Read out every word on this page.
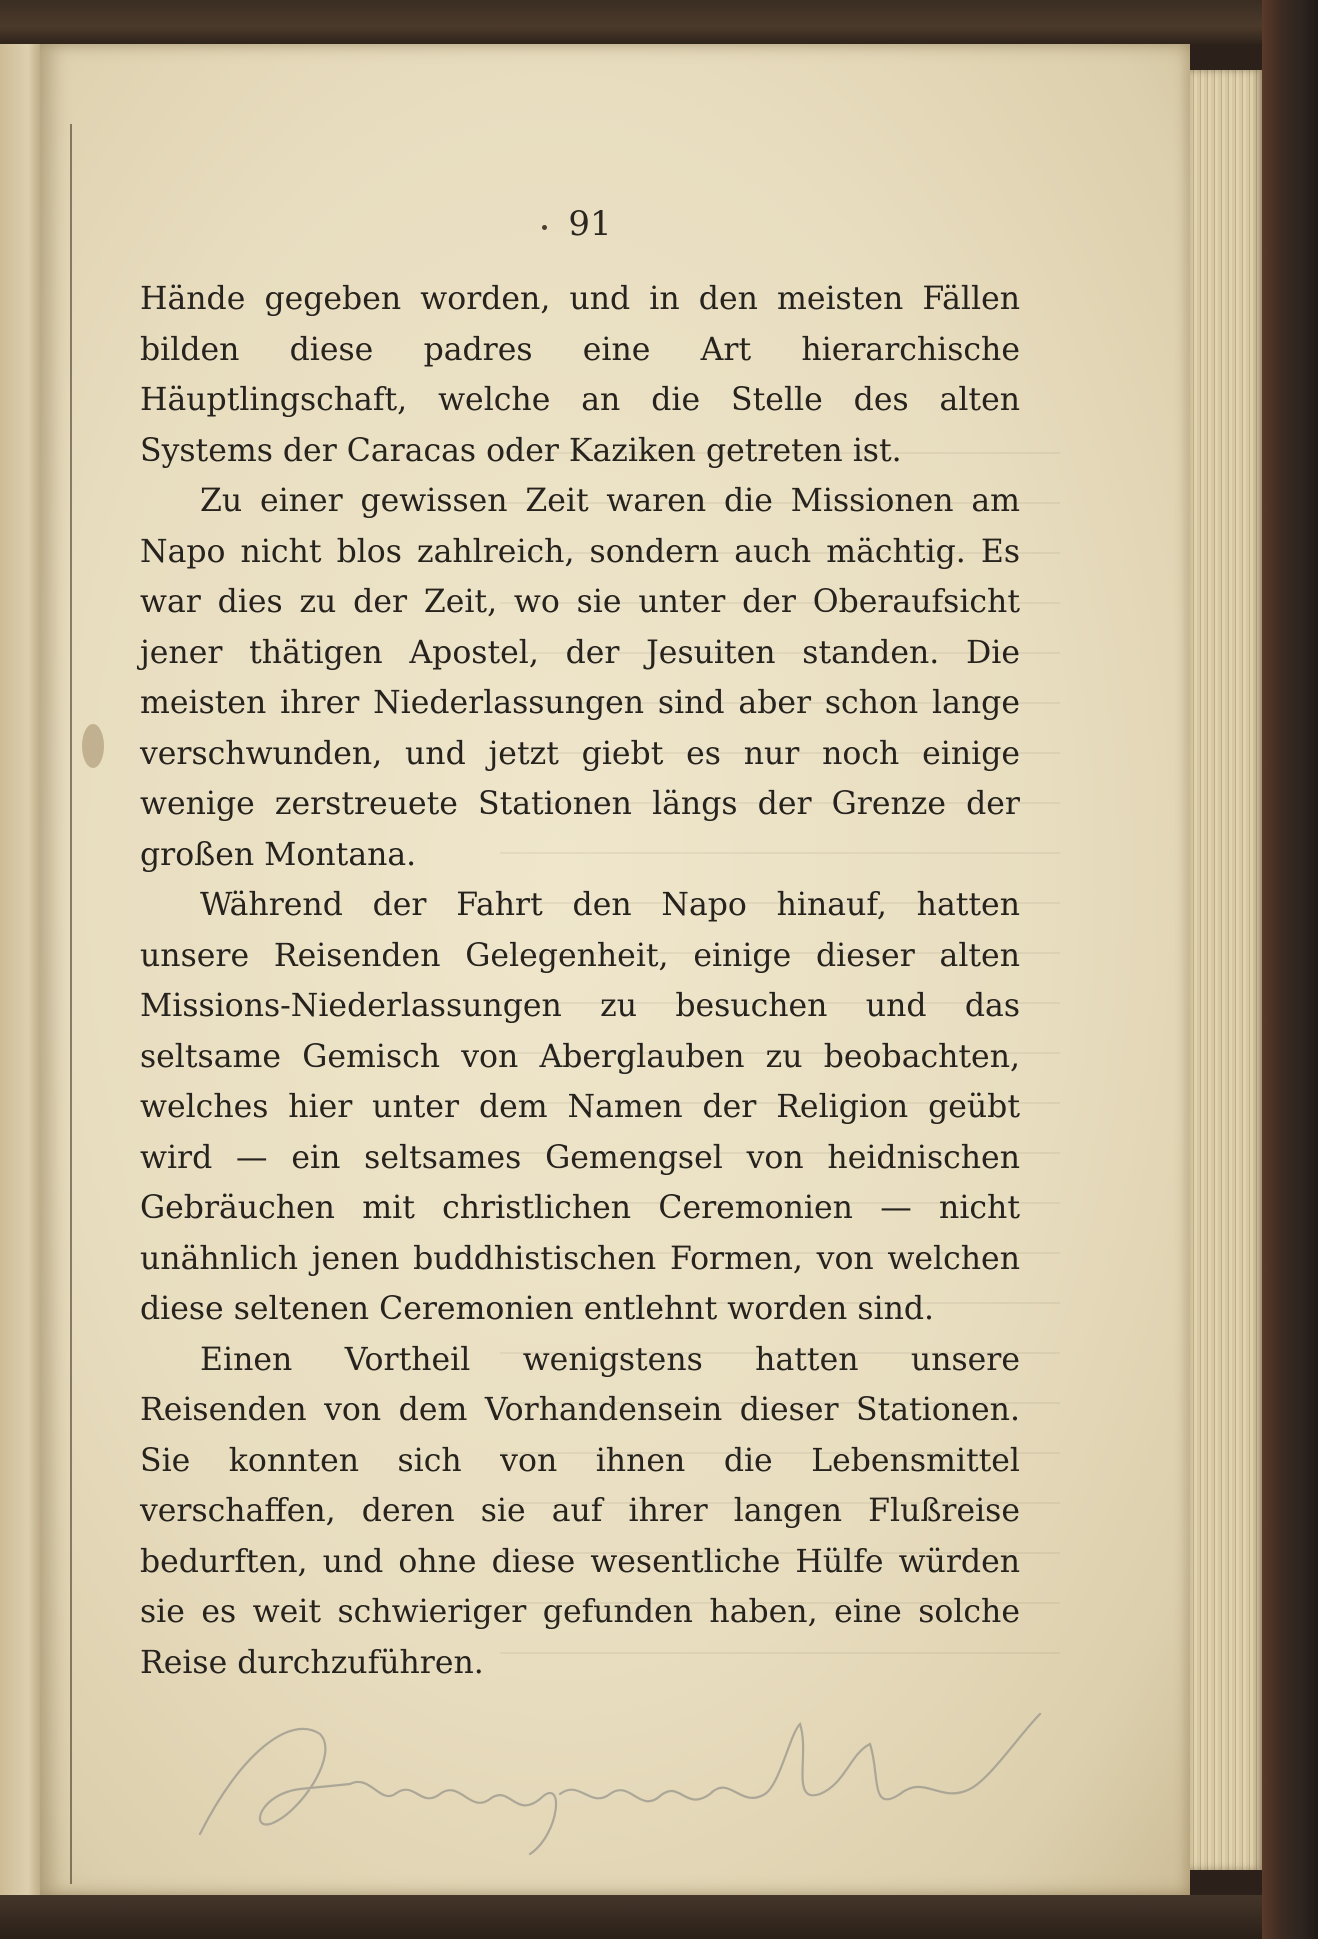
91

Hände gegeben worden, und in den meisten Fällen bilden diese padres eine Art hierarchische Häuptlingschaft, welche an die Stelle des alten Systems der Caracas oder Kaziken getreten ist.

Zu einer gewissen Zeit waren die Missionen am Napo nicht blos zahlreich, sondern auch mächtig. Es war dies zu der Zeit, wo sie unter der Oberaufsicht jener thätigen Apostel, der Jesuiten standen. Die meisten ihrer Niederlassungen sind aber schon lange verschwunden, und jetzt giebt es nur noch einige wenige zerstreuete Stationen längs der Grenze der großen Montana.

Während der Fahrt den Napo hinauf, hatten unsere Reisenden Gelegenheit, einige dieser alten Missions-Niederlassungen zu besuchen und das seltsame Gemisch von Aberglauben zu beobachten, welches hier unter dem Namen der Religion geübt wird — ein seltsames Gemengsel von heidnischen Gebräuchen mit christlichen Ceremonien — nicht unähnlich jenen buddhistischen Formen, von welchen diese seltenen Ceremonien entlehnt worden sind.

Einen Vortheil wenigstens hatten unsere Reisenden von dem Vorhandensein dieser Stationen. Sie konnten sich von ihnen die Lebensmittel verschaffen, deren sie auf ihrer langen Flußreise bedurften, und ohne diese wesentliche Hülfe würden sie es weit schwieriger gefunden haben, eine solche Reise durchzuführen.
